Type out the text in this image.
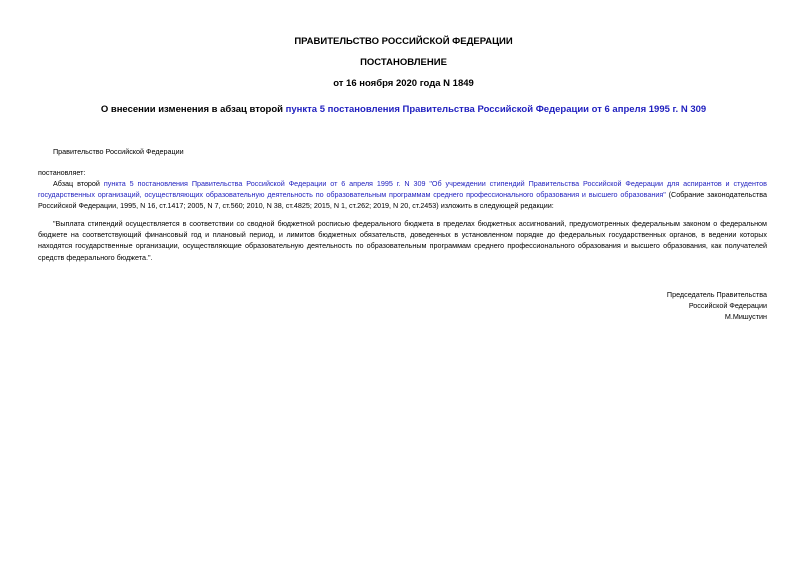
ПРАВИТЕЛЬСТВО РОССИЙСКОЙ ФЕДЕРАЦИИ
ПОСТАНОВЛЕНИЕ
от 16 ноября 2020 года N 1849
О внесении изменения в абзац второй пункта 5 постановления Правительства Российской Федерации от 6 апреля 1995 г. N 309
Правительство Российской Федерации
постановляет:
Абзац второй пункта 5 постановления Правительства Российской Федерации от 6 апреля 1995 г. N 309 "Об учреждении стипендий Правительства Российской Федерации для аспирантов и студентов государственных организаций, осуществляющих образовательную деятельность по образовательным программам среднего профессионального образования и высшего образования" (Собрание законодательства Российской Федерации, 1995, N 16, ст.1417; 2005, N 7, ст.560; 2010, N 38, ст.4825; 2015, N 1, ст.262; 2019, N 20, ст.2453) изложить в следующей редакции:
"Выплата стипендий осуществляется в соответствии со сводной бюджетной росписью федерального бюджета в пределах бюджетных ассигнований, предусмотренных федеральным законом о федеральном бюджете на соответствующий финансовый год и плановый период, и лимитов бюджетных обязательств, доведенных в установленном порядке до федеральных государственных органов, в ведении которых находятся государственные организации, осуществляющие образовательную деятельность по образовательным программам среднего профессионального образования и высшего образования, как получателей средств федерального бюджета.".
Председатель Правительства
Российской Федерации
М.Мишустин
